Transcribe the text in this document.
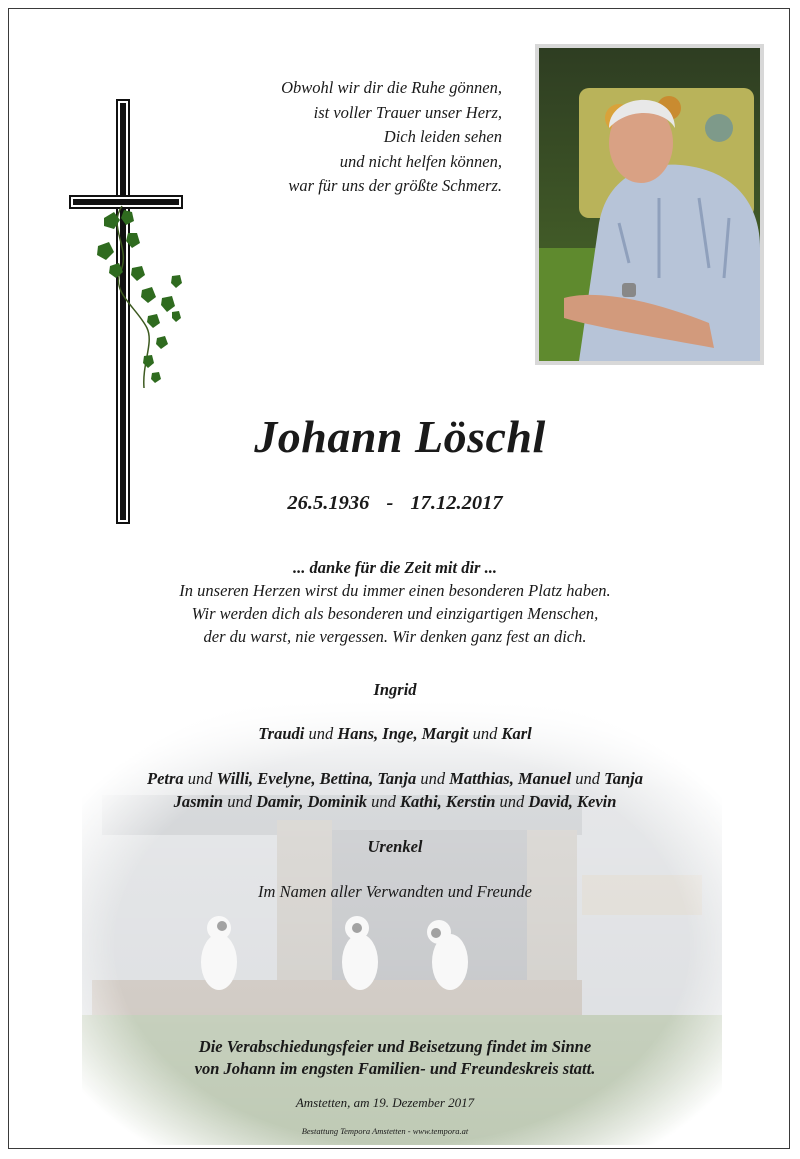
Obwohl wir dir die Ruhe gönnen,
ist voller Trauer unser Herz,
Dich leiden sehen
und nicht helfen können,
war für uns der größte Schmerz.
Johann Löschl
26.5.1936 - 17.12.2017
... danke für die Zeit mit dir ...
In unseren Herzen wirst du immer einen besonderen Platz haben.
Wir werden dich als besonderen und einzigartigen Menschen,
der du warst, nie vergessen. Wir denken ganz fest an dich.
Ingrid
Traudi und Hans, Inge, Margit und Karl
Petra und Willi, Evelyne, Bettina, Tanja und Matthias, Manuel und Tanja
Jasmin und Damir, Dominik und Kathi, Kerstin und David, Kevin
Urenkel
Im Namen aller Verwandten und Freunde
Die Verabschiedungsfeier und Beisetzung findet im Sinne
von Johann im engsten Familien- und Freundeskreis statt.
Amstetten, am 19. Dezember 2017
Bestattung Tempora Amstetten - www.tempora.at
